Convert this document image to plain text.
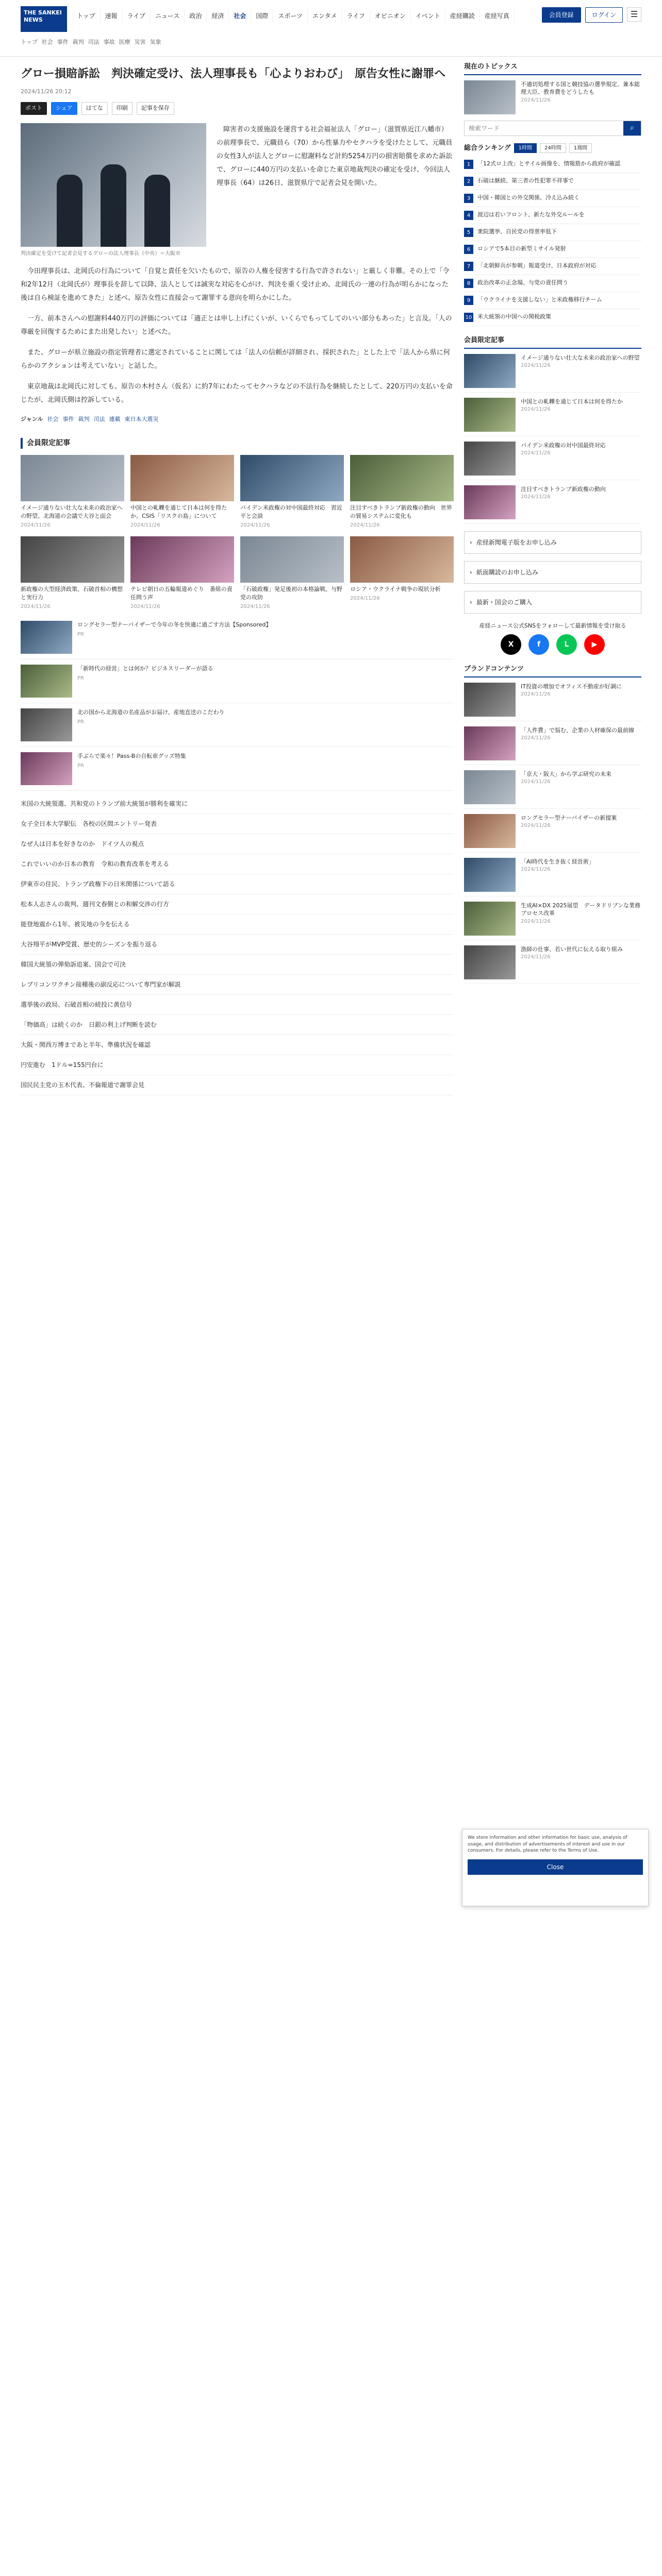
THE SANKEI NEWS
トップ	速報	ライブ	ニュース	政治	経済	社会	国際	スポーツ	エンタメ	ライフ	オピニオン	イベント	産経購読	産経写真	会員登録	ログイン	☰
トップ 社会 事件 裁判 司法 事故 医療 災害 気象
グロー損賠訴訟　判決確定受け、法人理事長も「心よりおわび」　原告女性に謝罪へ
2024/11/26 20:12
ポスト	シェア	はてな	印刷	記事を保存
判決確定を受けて記者会見するグローの法人理事長（中央）＝大阪市
障害者の支援施設を運営する社会福祉法人「グロー」（滋賀県近江八幡市）の前理事長で、元職員ら（70）から性暴力やセクハラを受けたとして、元職員の女性3人が法人とグローに慰謝料など計約5254万円の損害賠償を求めた訴訟で、グローに440万円の支払いを命じた東京地裁判決の確定を受け、今回法人理事長（64）は26日、滋賀県庁で記者会見を開いた。

今田理事長は、北岡氏の行為について「自覚と責任を欠いたもので、原告の人権を侵害する行為で許されない」と厳しく非難。その上で「令和2年12月（北岡氏が）理事長を辞して以降、法人としては誠実な対応を心がけ、判決を重く受け止め、北岡氏の一連の行為が明らかになった後は自ら検証を進めてきた」と述べ、原告女性に直接会って謝罪する意向を明らかにした。

一方、前本さんへの慰謝料440万円の評価については「適正とは申し上げにくいが、いくらでもってしてのいい部分もあった」と言及。「人の尊厳を回復するためにまた出発したい」と述べた。

また、グローが県立施設の指定管理者に選定されていることに関しては「法人の信頼が詳細され、採択された」とした上で「法人から県に何らかのアクションは考えていない」と話した。

東京地裁は北岡氏に対しても、原告の木村さん（仮名）に約7年にわたってセクハラなどの不法行為を継続したとして、220万円の支払いを命じたが、北岡氏側は控訴している。

ジャンル 社会 事件 裁判 司法 連載 東日本大震災
会員限定記事

イメージ通りない壮大な未来の政治家への野望。北海道の会議で大谷と面会

2024/11/26

中国との軋轢を通じて日本は何を得たか。CSIS「リスクの島」について

2024/11/26

バイデン米政権の対中国最終対応　習近平と会談

2024/11/26

注目すべきトランプ新政権の動向　世界の貿易システムに変化も

2024/11/26

新政権の大型経済政策、石破首相の構想と実行力

2024/11/26

テレビ朝日の五輪報道めぐり　番組の責任問う声

2024/11/26

「石破政権」発足後初の本格論戦、与野党の攻防

2024/11/26

ロシア・ウクライナ戦争の現状分析

2024/11/26

ロングセラー型ナーバイザーで今年の冬を快適に過ごす方法【Sponsored】

PR

「新時代の経営」とは何か？ビジネスリーダーが語る

PR

北の国から北海道の名産品がお届け、産地直送のこだわり

PR

手ぶらで楽々！Pass-Bの自転車グッズ特集

PR

米国の大統領選、共和党のトランプ前大統領が勝利を確実に

女子全日本大学駅伝　各校の区間エントリー発表

なぜ人は日本を好きなのか　ドイツ人の視点

これでいいのか日本の教育　令和の教育改革を考える

伊東市の住民、トランプ政権下の日米関係について語る

松本人志さんの裁判、週刊文春側との和解交渉の行方

能登地震から1年、被災地の今を伝える

大谷翔平がMVP受賞、歴史的シーズンを振り返る

韓国大統領の弾劾訴追案、国会で可決

レプリコンワクチン接種後の副反応について専門家が解説

選挙後の政局、石破首相の続投に黄信号

「物価高」は続くのか　日銀の利上げ判断を読む

大阪・関西万博まであと半年、準備状況を確認

円安進む　1ドル=155円台に

国民民主党の玉木代表、不倫報道で謝罪会見

現在のトピックス

不適切処理する国と競技協の選挙規定、兼本総理大臣、教育費をどうしたも

2024/11/26
検索ワード
⌕
総合ランキング	1時間	24時間	1週間
1	「12式ロ上改」とサイル画像を、情報筋から政府が確認

2	石破は継続、第三者の性犯罪不祥事で

3	中国・韓国との外交関係、冷え込み続く

4	渡辺は若いフロント、新たな外交ルールを

5	衆院選挙、自民党の得票率低下

6	ロシアで5本目の新型ミサイル発射

7	「北朝鮮兵が参戦」報道受け、日本政府が対応

8	政治改革の正念場、与党の責任問う

9	「ウクライナを支援しない」と米政権移行チーム

10 米大統領の中国への関税政策

会員限定記事

イメージ通りない壮大な未来の政治家への野望

2024/11/26

中国との軋轢を通じて日本は何を得たか

2024/11/26

バイデン米政権の対中国最終対応

2024/11/26

注目すべきトランプ新政権の動向

2024/11/26
› 産経新聞電子版をお申し込み
› 紙面購読のお申し込み
› 最新・国会のご購入
産経ニュース公式SNSをフォローして最新情報を受け取る
X	f	L	▶
ブランドコンテンツ

IT投資の増加でオフィス不動産が好調に

2024/11/26

「人件費」で悩む、企業の人材確保の最前線

2024/11/26

「京大・阪大」から学ぶ研究の未来

2024/11/26

ロングセラー型ナーバイザーの新提案

2024/11/26

「AI時代を生き抜く経営術」

2024/11/26

生成AI×DX 2025展望　データドリブンな業務プロセス改革

2024/11/26

漁師の仕事、若い世代に伝える取り組み

2024/11/26

We store information and other information for basic use, analysis of usage, and distribution of advertisements of interest and use in our consumers. For details, please refer to the Terms of Use.

Close
